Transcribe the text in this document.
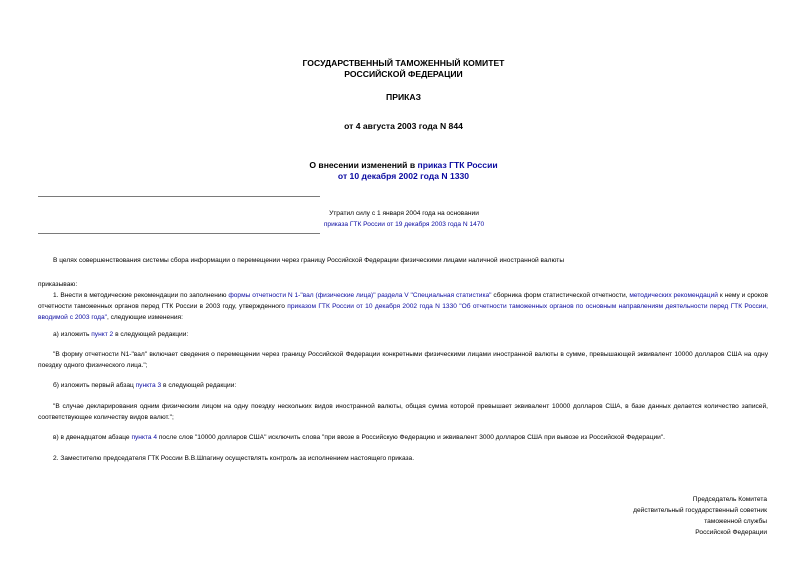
ГОСУДАРСТВЕННЫЙ ТАМОЖЕННЫЙ КОМИТЕТ
РОССИЙСКОЙ ФЕДЕРАЦИИ
ПРИКАЗ
от 4 августа 2003 года N 844
О внесении изменений в приказ ГТК России
от 10 декабря 2002 года N 1330
Утратил силу с 1 января 2004 года на основании
приказа ГТК России от 19 декабря 2003 года N 1470
В целях совершенствования системы сбора информации о перемещении через границу Российской Федерации физическими лицами наличной иностранной валюты
приказываю:
1. Внести в методические рекомендации по заполнению формы отчетности N 1-"вал (физические лица)" раздела V "Специальная статистика" сборника форм статистической отчетности, методических рекомендаций к нему и сроков отчетности таможенных органов перед ГТК России в 2003 году, утвержденного приказом ГТК России от 10 декабря 2002 года N 1330 "Об отчетности таможенных органов по основным направлениям деятельности перед ГТК России, вводимой с 2003 года", следующие изменения:
а) изложить пункт 2 в следующей редакции:
"В форму отчетности N1-"вал" включает сведения о перемещении через границу Российской Федерации конкретными физическими лицами иностранной валюты в сумме, превышающей эквивалент 10000 долларов США на одну поездку одного физического лица.";
б) изложить первый абзац пункта 3 в следующей редакции:
"В случае декларирования одним физическим лицом на одну поездку нескольких видов иностранной валюты, общая сумма которой превышает эквивалент 10000 долларов США, в базе данных делается количество записей, соответствующее количеству видов валют.";
в) в двенадцатом абзаце пункта 4 после слов "10000 долларов США" исключить слова "при ввозе в Российскую Федерацию и эквивалент 3000 долларов США при вывозе из Российской Федерации".
2. Заместителю председателя ГТК России В.В.Шпагину осуществлять контроль за исполнением настоящего приказа.
Председатель Комитета
действительный государственный советник
таможенной службы
Российской Федерации
